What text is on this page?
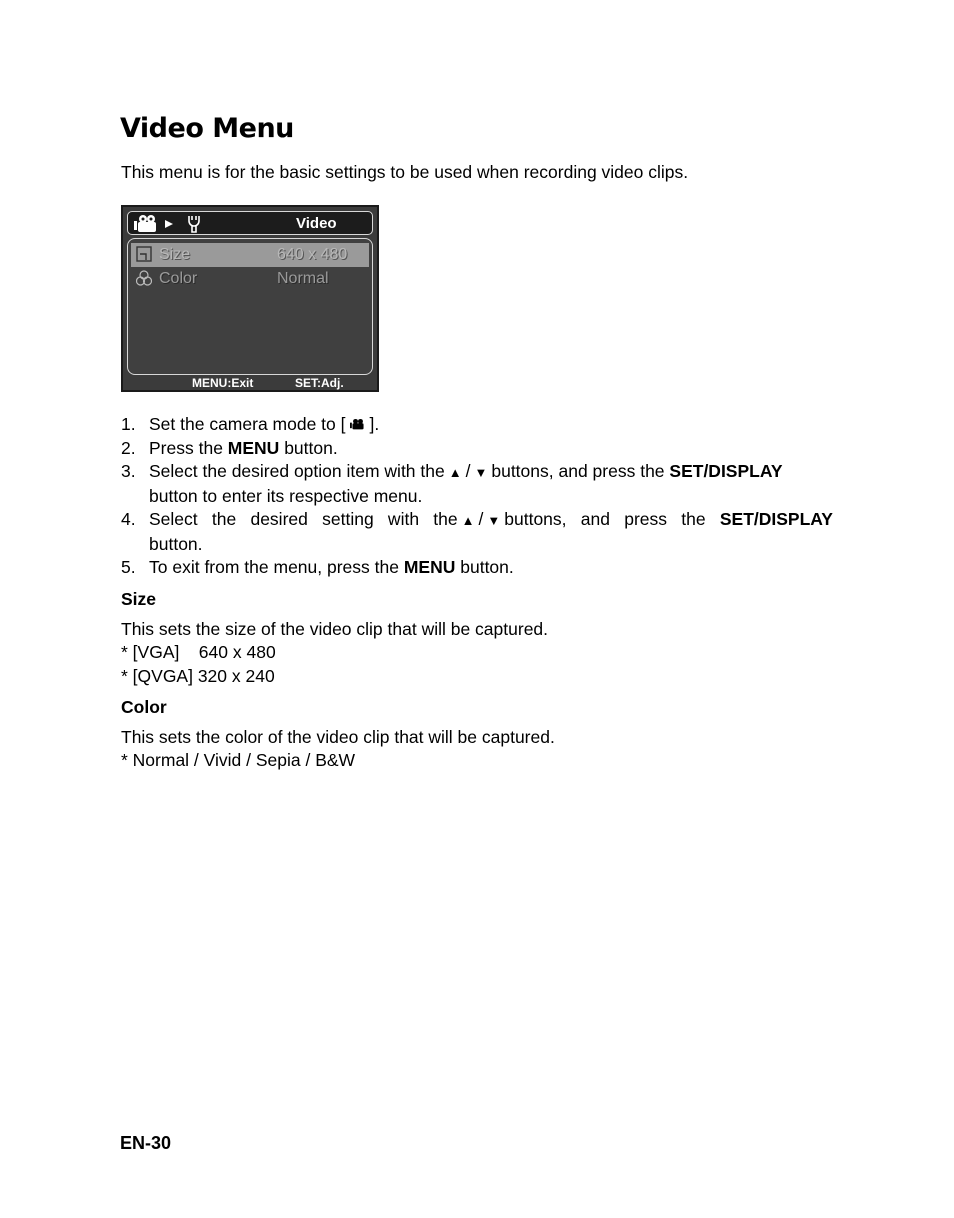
Video Menu
This menu is for the basic settings to be used when recording video clips.

Video
Size	640 x 480
Color	Normal
MENU:Exit	SET:Adj.
1. Set the camera mode to [ ].
2. Press the MENU button.
3. Select the desired option item with the ▲ / ▼ buttons, and press the SET/DISPLAY
button to enter its respective menu.
4. Select the desired setting with the ▲ / ▼ buttons, and press the SET/DISPLAY
button.
5. To exit from the menu, press the MENU button.
Size
This sets the size of the video clip that will be captured.
* [VGA]    640 x 480
* [QVGA] 320 x 240
Color
This sets the color of the video clip that will be captured.
* Normal / Vivid / Sepia / B&W
EN-30
